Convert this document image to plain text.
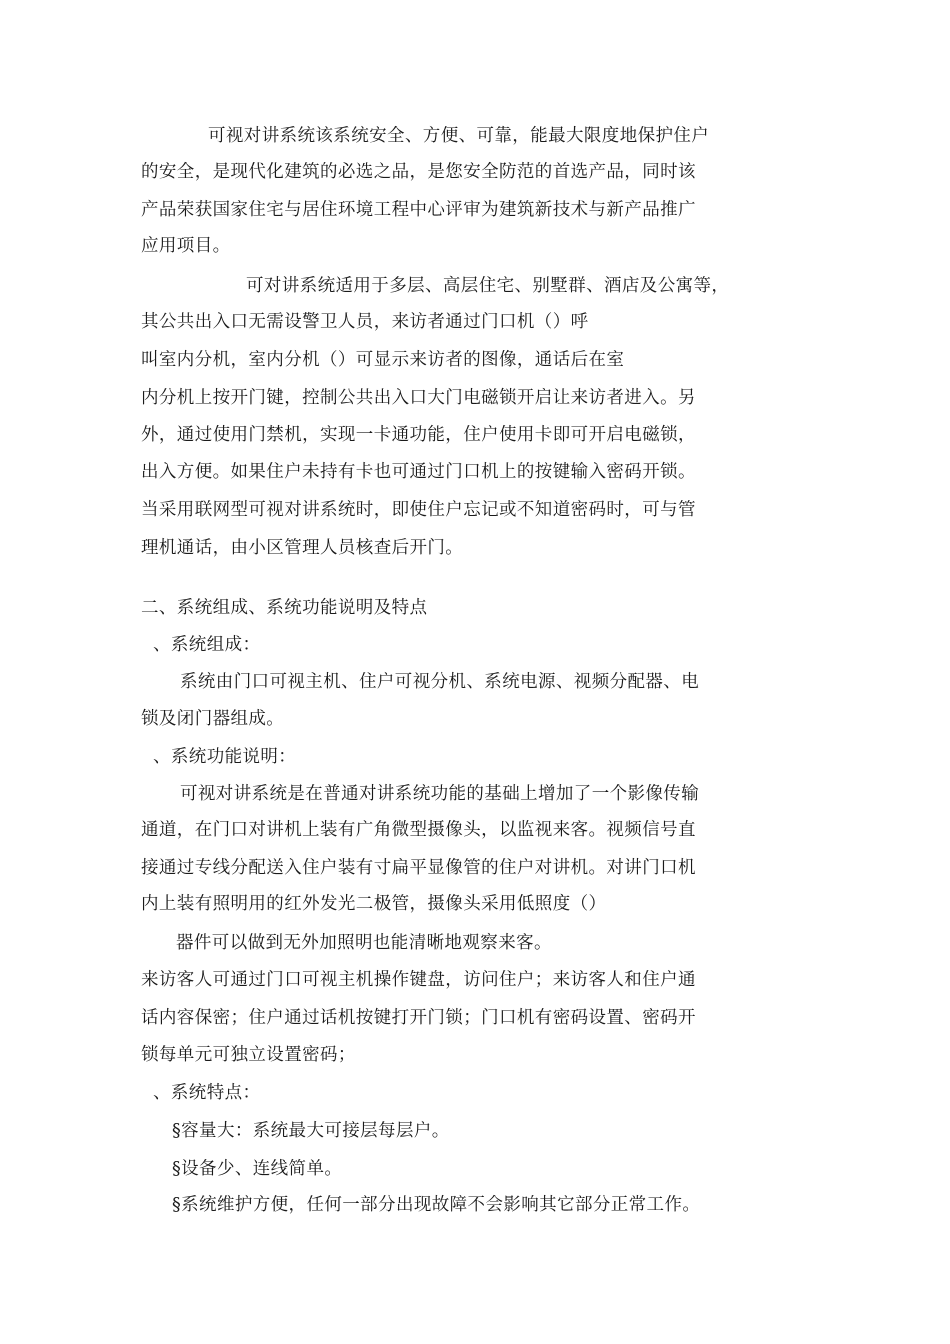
可视对讲系统该系统安全、方便、可靠，能最大限度地保护住户
的安全，是现代化建筑的必选之品，是您安全防范的首选产品，同时该
产品荣获国家住宅与居住环境工程中心评审为建筑新技术与新产品推广
应用项目。
可对讲系统适用于多层、高层住宅、别墅群、酒店及公寓等，
其公共出入口无需设警卫人员，来访者通过门口机（）呼
叫室内分机，室内分机（）可显示来访者的图像，通话后在室
内分机上按开门键，控制公共出入口大门电磁锁开启让来访者进入。另
外，通过使用门禁机，实现一卡通功能，住户使用卡即可开启电磁锁，
出入方便。如果住户未持有卡也可通过门口机上的按键输入密码开锁。
当采用联网型可视对讲系统时，即使住户忘记或不知道密码时，可与管
理机通话，由小区管理人员核查后开门。
二、系统组成、系统功能说明及特点
、系统组成：
系统由门口可视主机、住户可视分机、系统电源、视频分配器、电
锁及闭门器组成。
、系统功能说明：
可视对讲系统是在普通对讲系统功能的基础上增加了一个影像传输
通道，在门口对讲机上装有广角微型摄像头，以监视来客。视频信号直
接通过专线分配送入住户装有寸扁平显像管的住户对讲机。对讲门口机
内上装有照明用的红外发光二极管，摄像头采用低照度（）
器件可以做到无外加照明也能清晰地观察来客。
来访客人可通过门口可视主机操作键盘，访问住户；来访客人和住户通
话内容保密；住户通过话机按键打开门锁；门口机有密码设置、密码开
锁每单元可独立设置密码；
、系统特点：
§容量大：系统最大可接层每层户。
§设备少、连线简单。
§系统维护方便，任何一部分出现故障不会影响其它部分正常工作。
